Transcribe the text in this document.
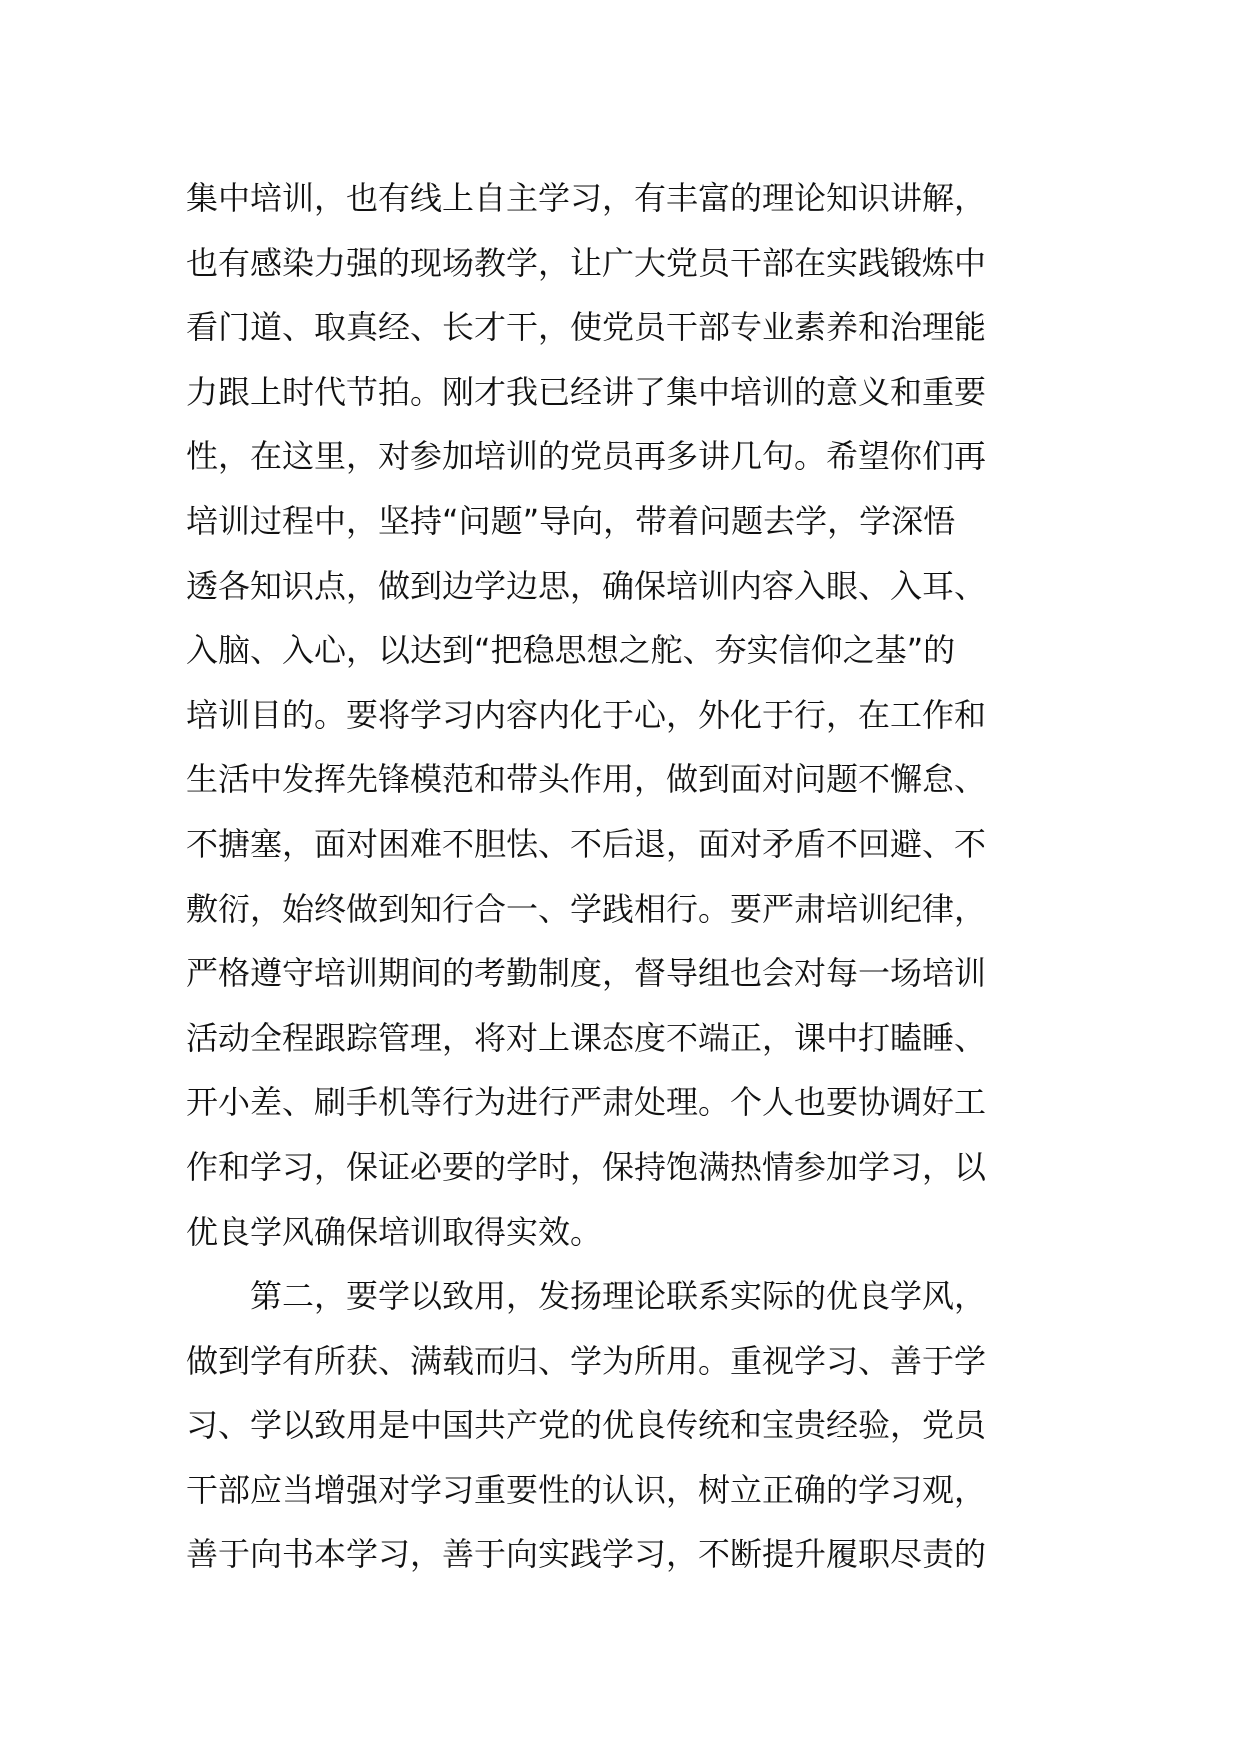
集中培训，也有线上自主学习，有丰富的理论知识讲解，
也有感染力强的现场教学，让广大党员干部在实践锻炼中
看门道、取真经、长才干，使党员干部专业素养和治理能
力跟上时代节拍。刚才我已经讲了集中培训的意义和重要
性，在这里，对参加培训的党员再多讲几句。希望你们再
培训过程中，坚持“问题”导向，带着问题去学，学深悟
透各知识点，做到边学边思，确保培训内容入眼、入耳、
入脑、入心，以达到“把稳思想之舵、夯实信仰之基”的
培训目的。要将学习内容内化于心，外化于行，在工作和
生活中发挥先锋模范和带头作用，做到面对问题不懈怠、
不搪塞，面对困难不胆怯、不后退，面对矛盾不回避、不
敷衍，始终做到知行合一、学践相行。要严肃培训纪律，
严格遵守培训期间的考勤制度，督导组也会对每一场培训
活动全程跟踪管理，将对上课态度不端正，课中打瞌睡、
开小差、刷手机等行为进行严肃处理。个人也要协调好工
作和学习，保证必要的学时，保持饱满热情参加学习，以
优良学风确保培训取得实效。
第二，要学以致用，发扬理论联系实际的优良学风，
做到学有所获、满载而归、学为所用。重视学习、善于学
习、学以致用是中国共产党的优良传统和宝贵经验，党员
干部应当增强对学习重要性的认识，树立正确的学习观，
善于向书本学习，善于向实践学习，不断提升履职尽责的
